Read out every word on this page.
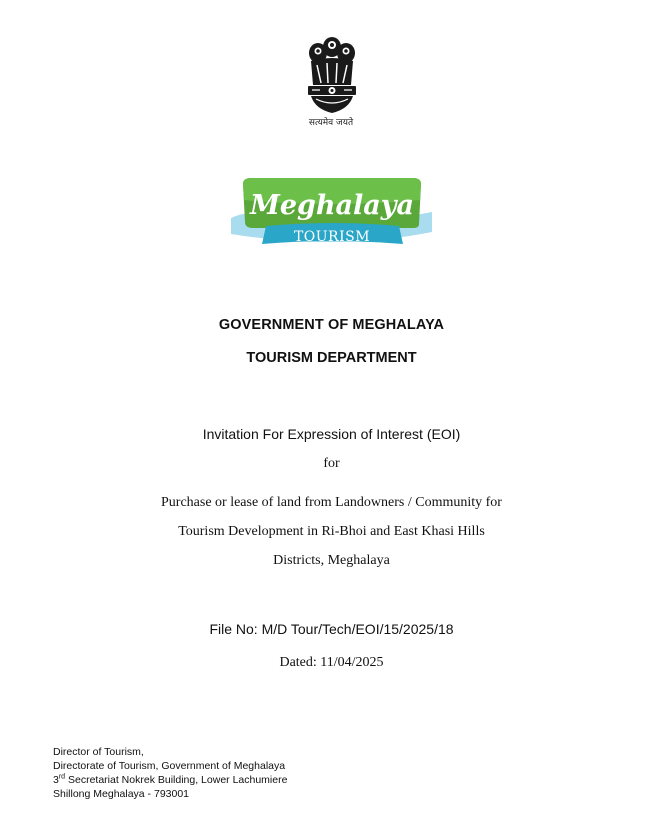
सत्यमेव जयते
Meghalaya
TOURISM
GOVERNMENT OF MEGHALAYA
TOURISM DEPARTMENT
Invitation For Expression of Interest (EOI)
for
Purchase or lease of land from Landowners / Community for
Tourism Development in Ri-Bhoi and East Khasi Hills
Districts, Meghalaya
File No: M/D Tour/Tech/EOI/15/2025/18
Dated: 11/04/2025
Director of Tourism,
Directorate of Tourism, Government of Meghalaya
3rd Secretariat Nokrek Building, Lower Lachumiere
Shillong Meghalaya - 793001
